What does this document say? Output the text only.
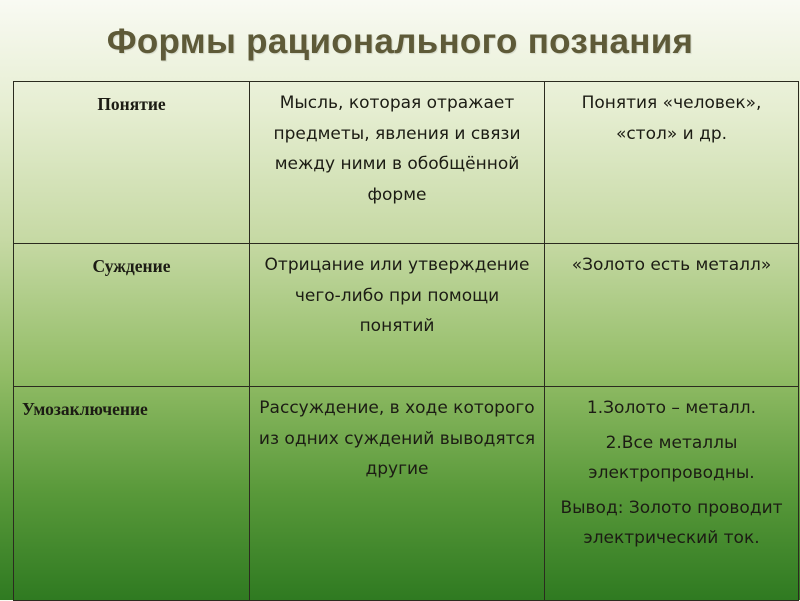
Формы рационального познания
Понятие	Мысль, которая отражает предметы, явления и связи между ними в обобщённой форме	Понятия «человек», «стол» и др.
Суждение	Отрицание или утверждение чего-либо при помощи понятий	«Золото есть металл»
Умозаключение	Рассуждение, в ходе которого из одних суждений выводятся другие	1.Золото – металл.
2.Все металлы электропроводны.
Вывод: Золото проводит электрический ток.
